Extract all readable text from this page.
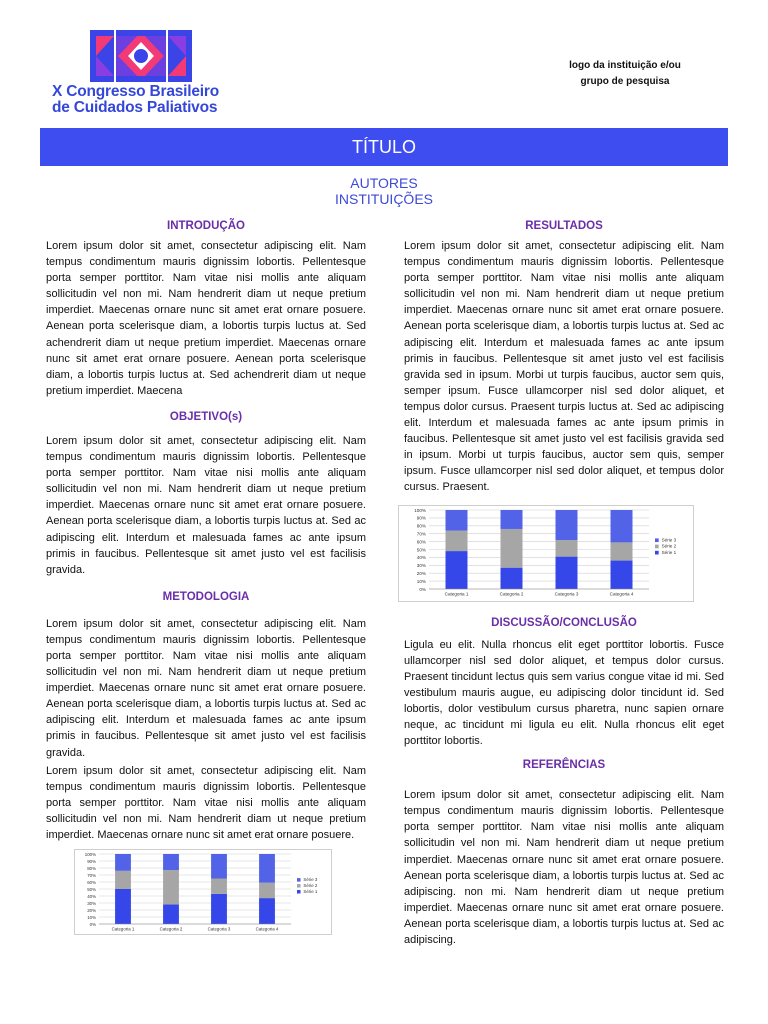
X Congresso Brasileiro
de Cuidados Paliativos
logo da instituição e/ou
grupo de pesquisa
TÍTULO
AUTORES
INSTITUIÇÕES
INTRODUÇÃO

Lorem ipsum dolor sit amet, consectetur adipiscing elit. Nam tempus condimentum mauris dignissim lobortis. Pellentesque porta semper porttitor. Nam vitae nisi mollis ante aliquam sollicitudin vel non mi. Nam hendrerit diam ut neque pretium imperdiet. Maecenas ornare nunc sit amet erat ornare posuere. Aenean porta scelerisque diam, a lobortis turpis luctus at. Sed achendrerit diam ut neque pretium imperdiet. Maecenas ornare nunc sit amet erat ornare posuere. Aenean porta scelerisque diam, a lobortis turpis luctus at. Sed achendrerit diam ut neque pretium imperdiet. Maecena

OBJETIVO(s)

Lorem ipsum dolor sit amet, consectetur adipiscing elit. Nam tempus condimentum mauris dignissim lobortis. Pellentesque porta semper porttitor. Nam vitae nisi mollis ante aliquam sollicitudin vel non mi. Nam hendrerit diam ut neque pretium imperdiet. Maecenas ornare nunc sit amet erat ornare posuere. Aenean porta scelerisque diam, a lobortis turpis luctus at. Sed ac adipiscing elit. Interdum et malesuada fames ac ante ipsum primis in faucibus. Pellentesque sit amet justo vel est facilisis gravida.

METODOLOGIA

Lorem ipsum dolor sit amet, consectetur adipiscing elit. Nam tempus condimentum mauris dignissim lobortis. Pellentesque porta semper porttitor. Nam vitae nisi mollis ante aliquam sollicitudin vel non mi. Nam hendrerit diam ut neque pretium imperdiet. Maecenas ornare nunc sit amet erat ornare posuere. Aenean porta scelerisque diam, a lobortis turpis luctus at. Sed ac adipiscing elit. Interdum et malesuada fames ac ante ipsum primis in faucibus. Pellentesque sit amet justo vel est facilisis gravida.

Lorem ipsum dolor sit amet, consectetur adipiscing elit. Nam tempus condimentum mauris dignissim lobortis. Pellentesque porta semper porttitor. Nam vitae nisi mollis ante aliquam sollicitudin vel non mi. Nam hendrerit diam ut neque pretium imperdiet. Maecenas ornare nunc sit amet erat ornare posuere.

0%
10%
20%
30%
40%
50%
60%
70%
80%
90%
100%
Categoria 1	Categoria 2	Categoria 3	Categoria 4
Série 3
Série 2
Série 1
RESULTADOS

Lorem ipsum dolor sit amet, consectetur adipiscing elit. Nam tempus condimentum mauris dignissim lobortis. Pellentesque porta semper porttitor. Nam vitae nisi mollis ante aliquam sollicitudin vel non mi. Nam hendrerit diam ut neque pretium imperdiet. Maecenas ornare nunc sit amet erat ornare posuere. Aenean porta scelerisque diam, a lobortis turpis luctus at. Sed ac adipiscing elit. Interdum et malesuada fames ac ante ipsum primis in faucibus. Pellentesque sit amet justo vel est facilisis gravida sed in ipsum. Morbi ut turpis faucibus, auctor sem quis, semper ipsum. Fusce ullamcorper nisl sed dolor aliquet, et tempus dolor cursus. Praesent turpis luctus at. Sed ac adipiscing elit. Interdum et malesuada fames ac ante ipsum primis in faucibus. Pellentesque sit amet justo vel est facilisis gravida sed in ipsum. Morbi ut turpis faucibus, auctor sem quis, semper ipsum. Fusce ullamcorper nisl sed dolor aliquet, et tempus dolor cursus. Praesent.

0%
10%
20%
30%
40%
50%
60%
70%
80%
90%
100%
Categoria 1	Categoria 2	Categoria 3	Categoria 4
Série 3
Série 2
Série 1
DISCUSSÃO/CONCLUSÃO

Ligula eu elit. Nulla rhoncus elit eget porttitor lobortis. Fusce ullamcorper nisl sed dolor aliquet, et tempus dolor cursus. Praesent tincidunt lectus quis sem varius congue vitae id mi. Sed vestibulum mauris augue, eu adipiscing dolor tincidunt id. Sed lobortis, dolor vestibulum cursus pharetra, nunc sapien ornare neque, ac tincidunt mi ligula eu elit. Nulla rhoncus elit eget porttitor lobortis.

REFERÊNCIAS

Lorem ipsum dolor sit amet, consectetur adipiscing elit. Nam tempus condimentum mauris dignissim lobortis. Pellentesque porta semper porttitor. Nam vitae nisi mollis ante aliquam sollicitudin vel non mi. Nam hendrerit diam ut neque pretium imperdiet. Maecenas ornare nunc sit amet erat ornare posuere. Aenean porta scelerisque diam, a lobortis turpis luctus at. Sed ac adipiscing. non mi. Nam hendrerit diam ut neque pretium imperdiet. Maecenas ornare nunc sit amet erat ornare posuere. Aenean porta scelerisque diam, a lobortis turpis luctus at. Sed ac adipiscing.
